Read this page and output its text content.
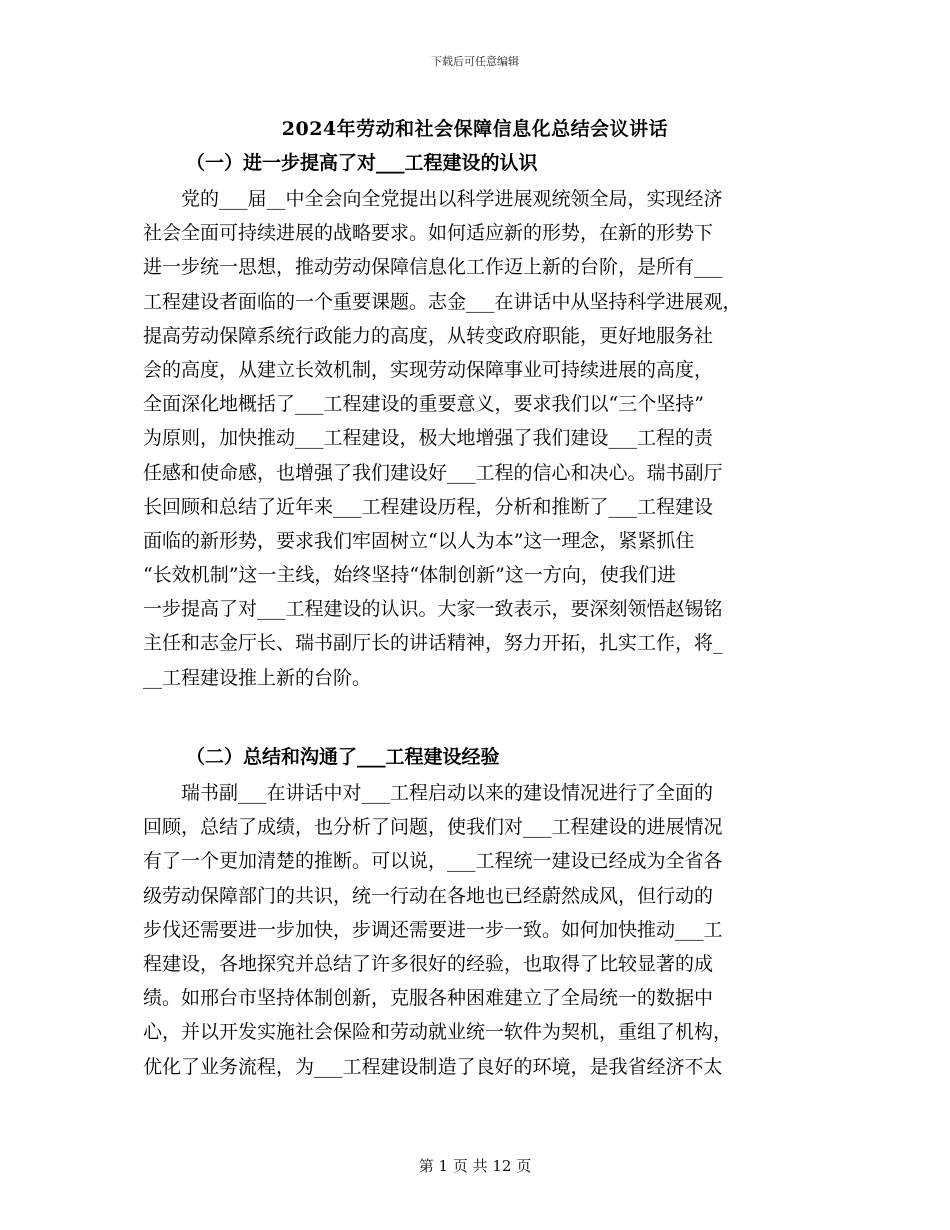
下载后可任意编辑
2024年劳动和社会保障信息化总结会议讲话
（一）进一步提高了对___工程建设的认识
　　党的___届__中全会向全党提出以科学进展观统领全局，实现经济
社会全面可持续进展的战略要求。如何适应新的形势，在新的形势下
进一步统一思想，推动劳动保障信息化工作迈上新的台阶，是所有___
工程建设者面临的一个重要课题。志金___在讲话中从坚持科学进展观，
提高劳动保障系统行政能力的高度，从转变政府职能，更好地服务社
会的高度，从建立长效机制，实现劳动保障事业可持续进展的高度，
全面深化地概括了___工程建设的重要意义，要求我们以“三个坚持”
为原则，加快推动___工程建设，极大地增强了我们建设___工程的责
任感和使命感，也增强了我们建设好___工程的信心和决心。瑞书副厅
长回顾和总结了近年来___工程建设历程，分析和推断了___工程建设
面临的新形势，要求我们牢固树立“以人为本”这一理念，紧紧抓住
“长效机制”这一主线，始终坚持“体制创新”这一方向，使我们进
一步提高了对___工程建设的认识。大家一致表示，要深刻领悟赵锡铭
主任和志金厅长、瑞书副厅长的讲话精神，努力开拓，扎实工作，将_
__工程建设推上新的台阶。
（二）总结和沟通了___工程建设经验
　　瑞书副___在讲话中对___工程启动以来的建设情况进行了全面的
回顾，总结了成绩，也分析了问题，使我们对___工程建设的进展情况
有了一个更加清楚的推断。可以说，___工程统一建设已经成为全省各
级劳动保障部门的共识，统一行动在各地也已经蔚然成风，但行动的
步伐还需要进一步加快，步调还需要进一步一致。如何加快推动___工
程建设，各地探究并总结了许多很好的经验，也取得了比较显著的成
绩。如邢台市坚持体制创新，克服各种困难建立了全局统一的数据中
心，并以开发实施社会保险和劳动就业统一软件为契机，重组了机构，
优化了业务流程，为___工程建设制造了良好的环境，是我省经济不太
第 1 页 共 12 页
